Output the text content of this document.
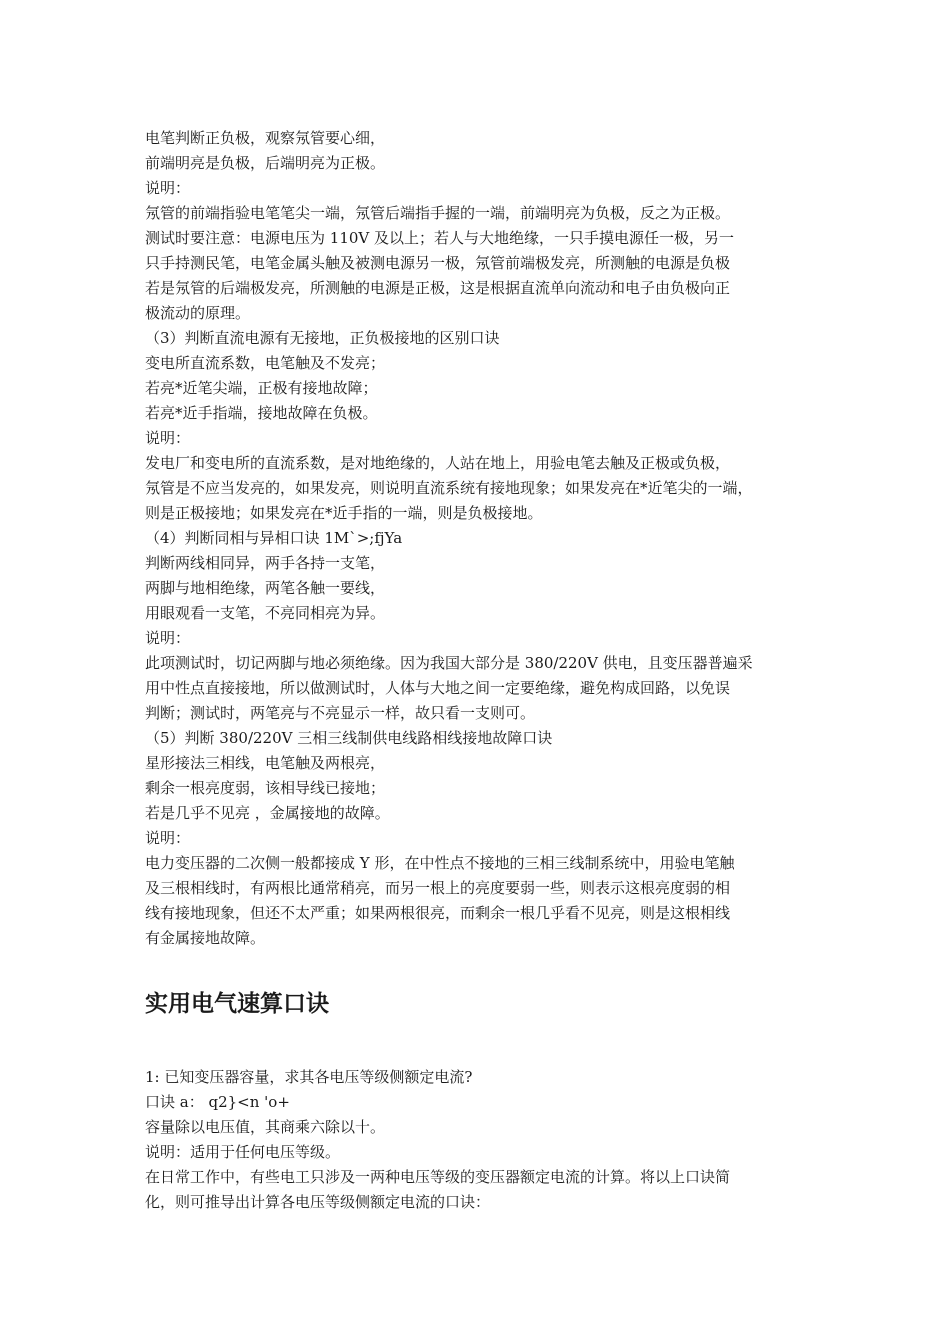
电笔判断正负极，观察氖管要心细，
前端明亮是负极，后端明亮为正极。
说明：
氖管的前端指验电笔笔尖一端，氖管后端指手握的一端，前端明亮为负极，反之为正极。
测试时要注意：电源电压为 110V 及以上；若人与大地绝缘，一只手摸电源任一极，另一
只手持测民笔，电笔金属头触及被测电源另一极，氖管前端极发亮，所测触的电源是负极
若是氖管的后端极发亮，所测触的电源是正极，这是根据直流单向流动和电子由负极向正
极流动的原理。
（3）判断直流电源有无接地，正负极接地的区别口诀
变电所直流系数，电笔触及不发亮；
若亮*近笔尖端，正极有接地故障；
若亮*近手指端，接地故障在负极。
说明：
发电厂和变电所的直流系数，是对地绝缘的，人站在地上，用验电笔去触及正极或负极，
氖管是不应当发亮的，如果发亮，则说明直流系统有接地现象；如果发亮在*近笔尖的一端，
则是正极接地；如果发亮在*近手指的一端，则是负极接地。
（4）判断同相与异相口诀 1M`>;fjYa
判断两线相同异，两手各持一支笔，
两脚与地相绝缘，两笔各触一要线，
用眼观看一支笔，不亮同相亮为异。
说明：
此项测试时，切记两脚与地必须绝缘。因为我国大部分是 380/220V 供电，且变压器普遍采
用中性点直接接地，所以做测试时，人体与大地之间一定要绝缘，避免构成回路，以免误
判断；测试时，两笔亮与不亮显示一样，故只看一支则可。
（5）判断 380/220V 三相三线制供电线路相线接地故障口诀
星形接法三相线，电笔触及两根亮，
剩余一根亮度弱，该相导线已接地；
若是几乎不见亮 ，金属接地的故障。
说明：
电力变压器的二次侧一般都接成 Y 形，在中性点不接地的三相三线制系统中，用验电笔触
及三根相线时，有两根比通常稍亮，而另一根上的亮度要弱一些，则表示这根亮度弱的相
线有接地现象，但还不太严重；如果两根很亮，而剩余一根几乎看不见亮，则是这根相线
有金属接地故障。
实用电气速算口诀
1: 已知变压器容量，求其各电压等级侧额定电流?
口诀 a： q2}<n 'o+
容量除以电压值，其商乘六除以十。
说明：适用于任何电压等级。
在日常工作中，有些电工只涉及一两种电压等级的变压器额定电流的计算。将以上口诀简
化，则可推导出计算各电压等级侧额定电流的口诀：
